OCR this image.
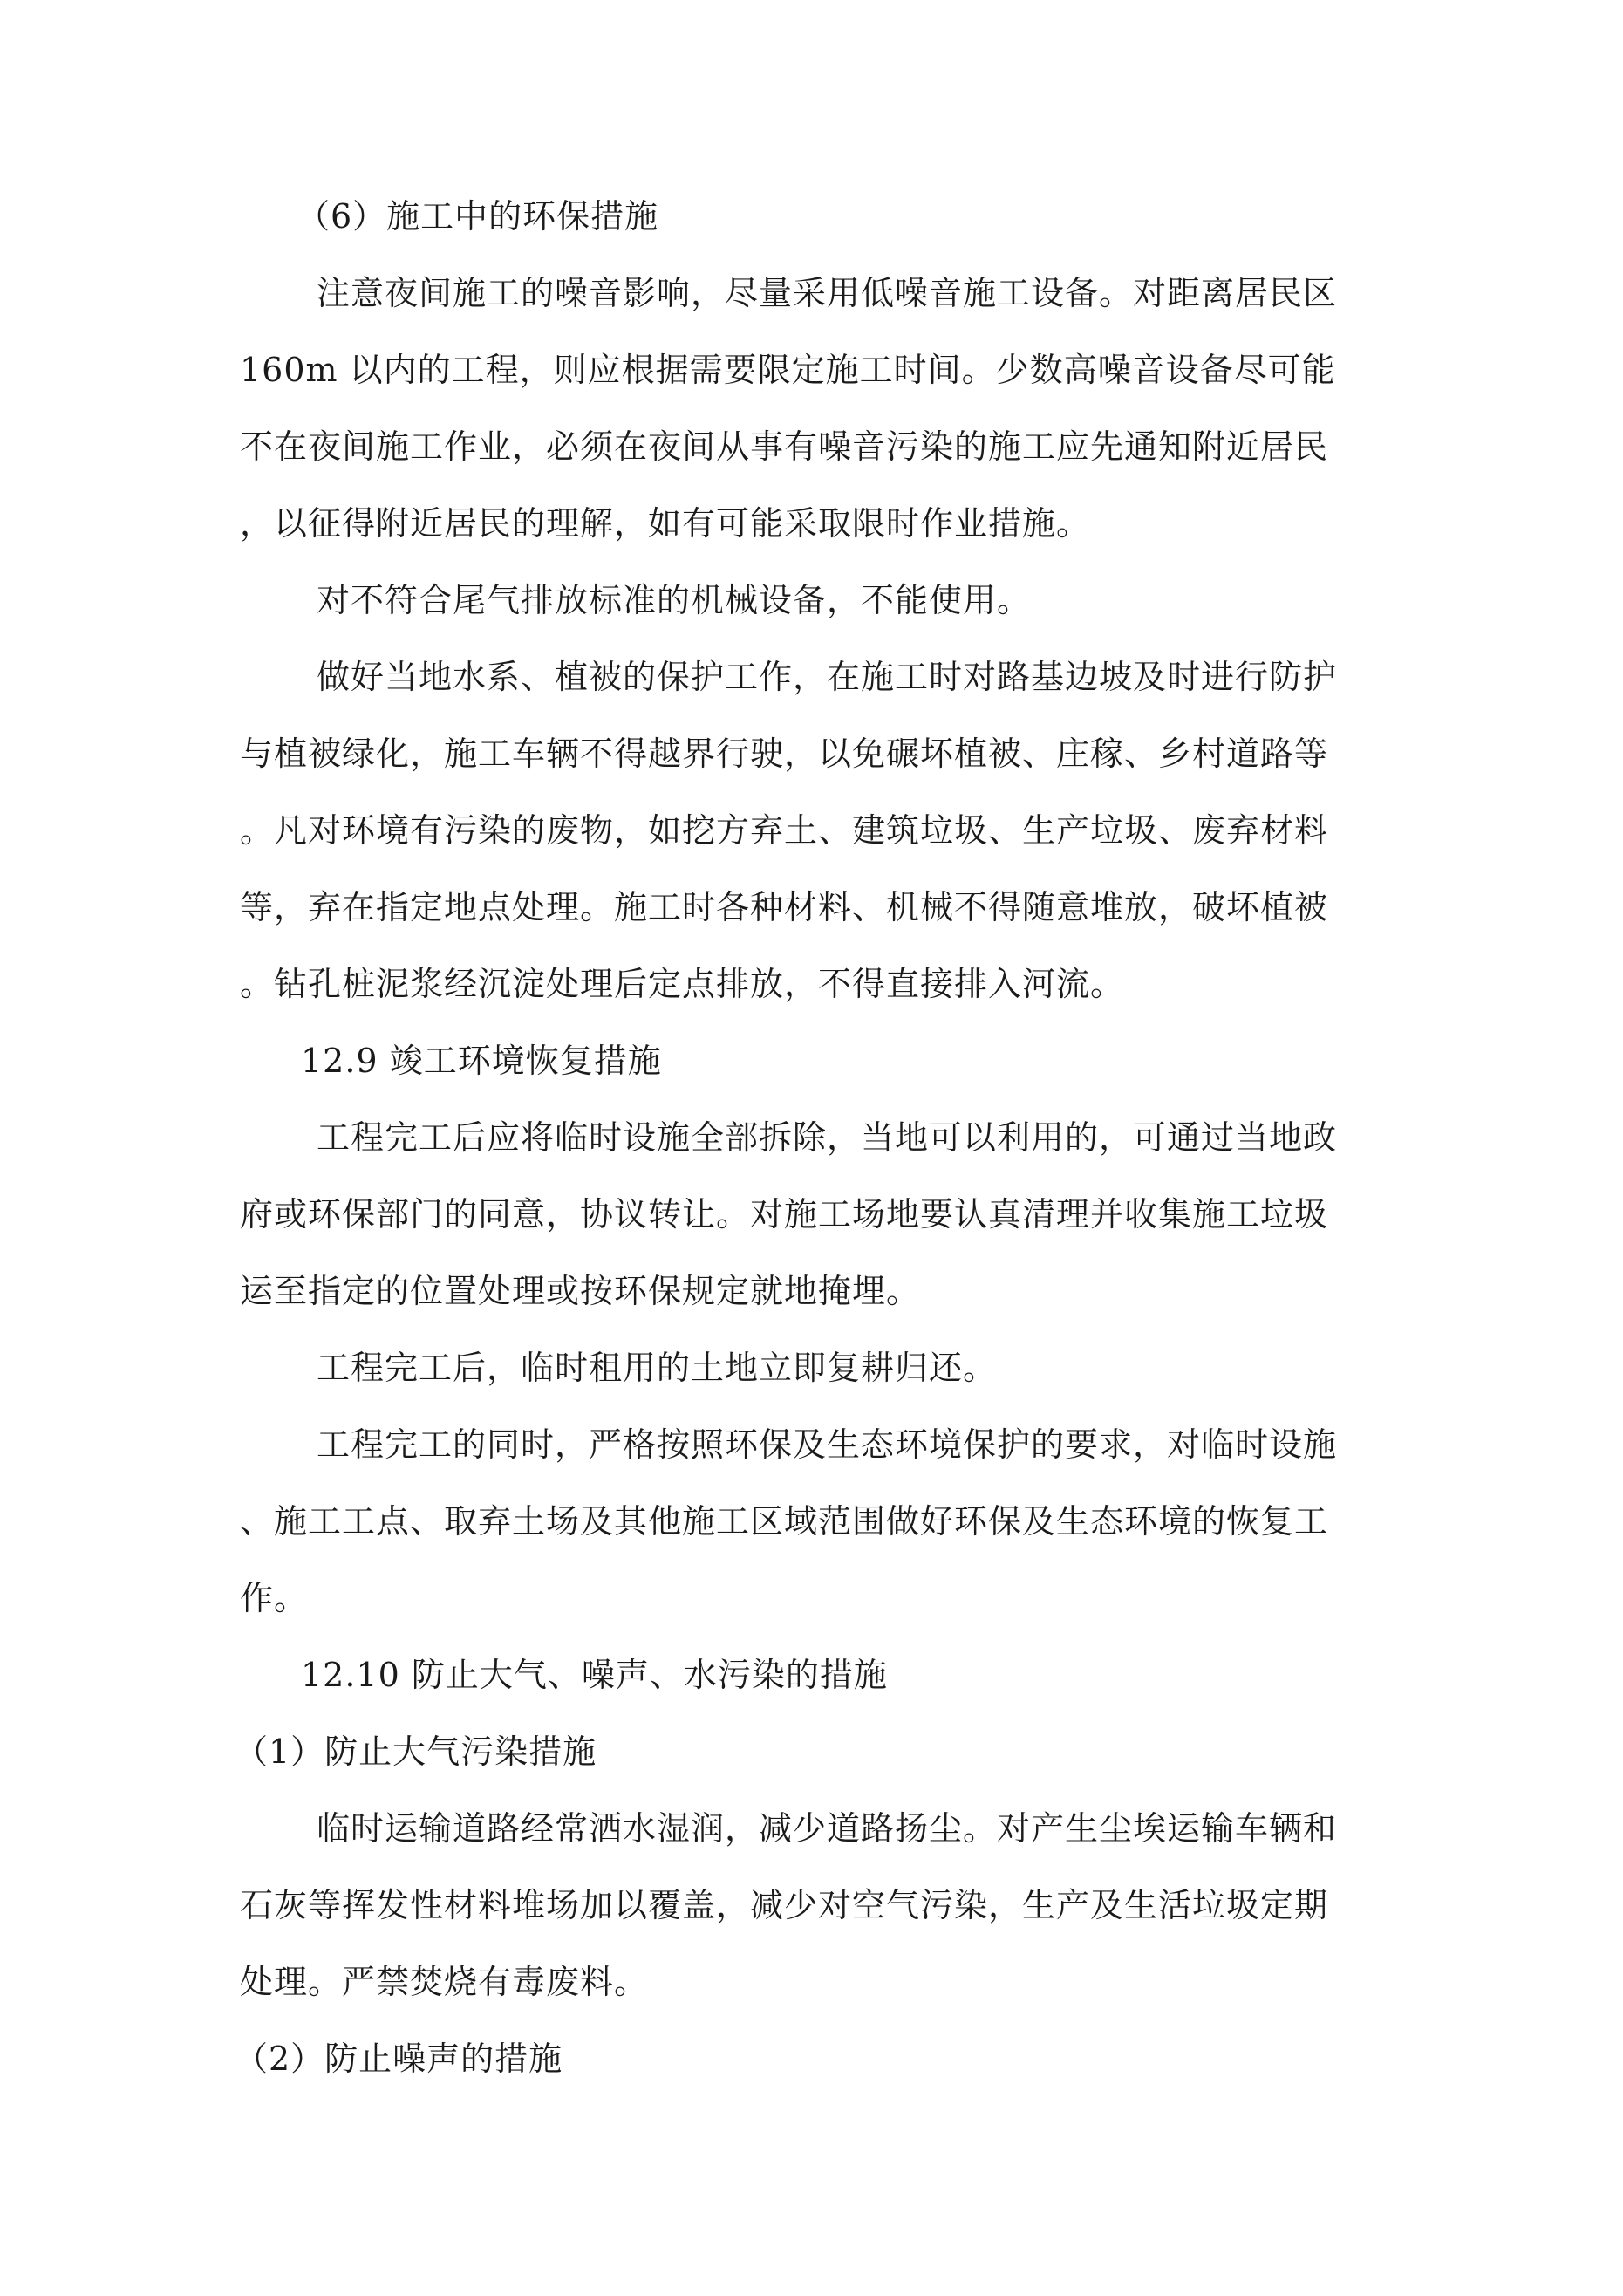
（6）施工中的环保措施
注意夜间施工的噪音影响，尽量采用低噪音施工设备。对距离居民区
160m 以内的工程，则应根据需要限定施工时间。少数高噪音设备尽可能
不在夜间施工作业，必须在夜间从事有噪音污染的施工应先通知附近居民
，以征得附近居民的理解，如有可能采取限时作业措施。
对不符合尾气排放标准的机械设备，不能使用。
做好当地水系、植被的保护工作，在施工时对路基边坡及时进行防护
与植被绿化，施工车辆不得越界行驶，以免碾坏植被、庄稼、乡村道路等
。凡对环境有污染的废物，如挖方弃土、建筑垃圾、生产垃圾、废弃材料
等，弃在指定地点处理。施工时各种材料、机械不得随意堆放，破坏植被
。钻孔桩泥浆经沉淀处理后定点排放，不得直接排入河流。
12.9 竣工环境恢复措施
工程完工后应将临时设施全部拆除，当地可以利用的，可通过当地政
府或环保部门的同意，协议转让。对施工场地要认真清理并收集施工垃圾
运至指定的位置处理或按环保规定就地掩埋。
工程完工后，临时租用的土地立即复耕归还。
工程完工的同时，严格按照环保及生态环境保护的要求，对临时设施
、施工工点、取弃土场及其他施工区域范围做好环保及生态环境的恢复工
作。
12.10 防止大气、噪声、水污染的措施
（1）防止大气污染措施
临时运输道路经常洒水湿润，减少道路扬尘。对产生尘埃运输车辆和
石灰等挥发性材料堆场加以覆盖，减少对空气污染，生产及生活垃圾定期
处理。严禁焚烧有毒废料。
（2）防止噪声的措施
